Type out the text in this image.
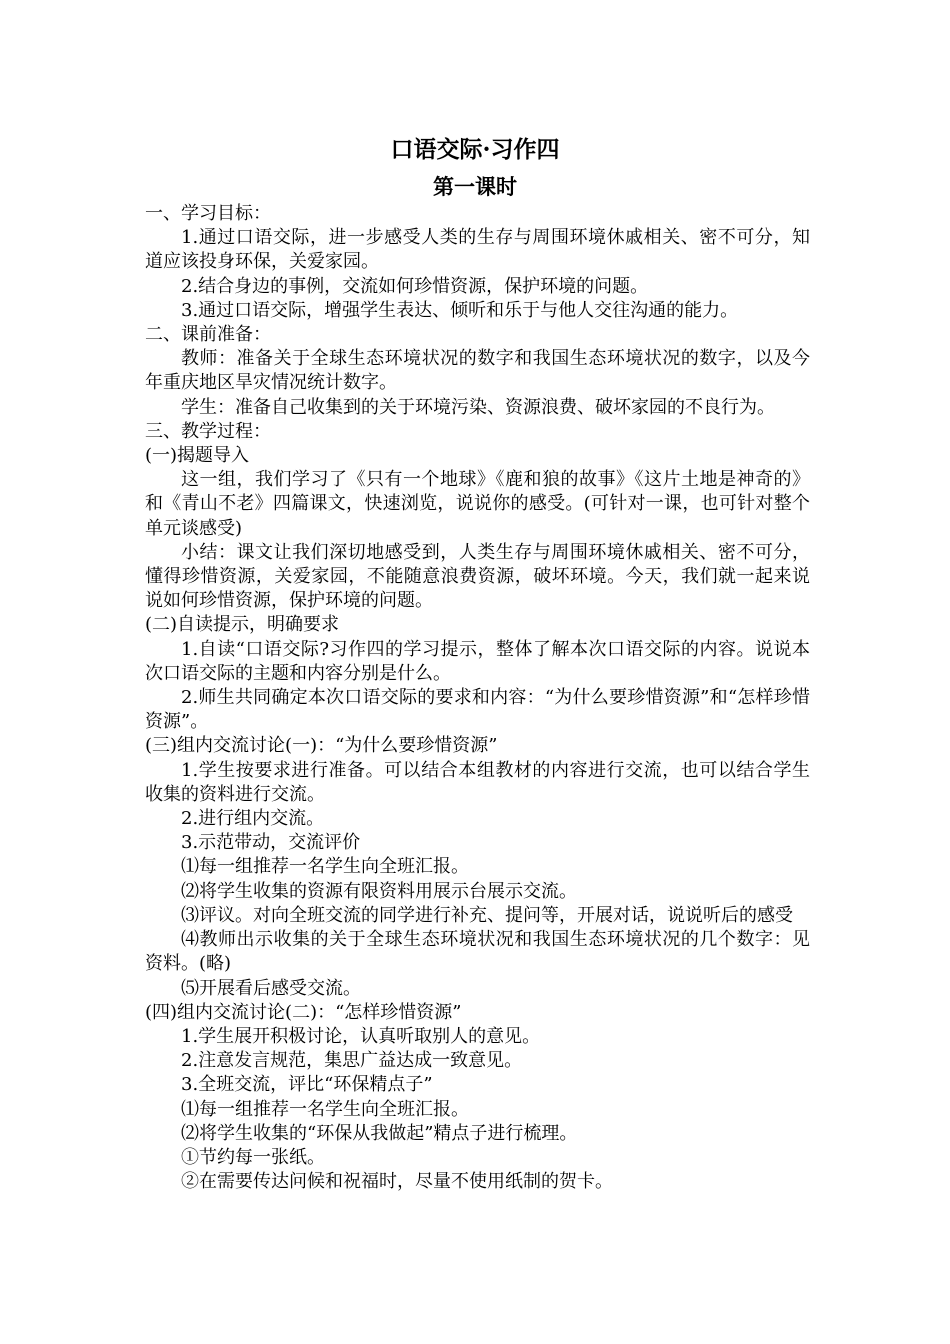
口语交际·习作四
第一课时

一、学习目标：

1.通过口语交际，进一步感受人类的生存与周围环境休戚相关、密不可分，知道应该投身环保，关爱家园。

2.结合身边的事例，交流如何珍惜资源，保护环境的问题。

3.通过口语交际，增强学生表达、倾听和乐于与他人交往沟通的能力。

二、课前准备：

教师：准备关于全球生态环境状况的数字和我国生态环境状况的数字，以及今年重庆地区旱灾情况统计数字。

学生：准备自己收集到的关于环境污染、资源浪费、破坏家园的不良行为。

三、教学过程：

(一)揭题导入

这一组，我们学习了《只有一个地球》《鹿和狼的故事》《这片土地是神奇的》和《青山不老》四篇课文，快速浏览，说说你的感受。(可针对一课，也可针对整个单元谈感受)

小结：课文让我们深切地感受到，人类生存与周围环境休戚相关、密不可分，懂得珍惜资源，关爱家园，不能随意浪费资源，破坏环境。今天，我们就一起来说说如何珍惜资源，保护环境的问题。

(二)自读提示，明确要求

1.自读“口语交际?习作四的学习提示，整体了解本次口语交际的内容。说说本次口语交际的主题和内容分别是什么。

2.师生共同确定本次口语交际的要求和内容：“为什么要珍惜资源”和“怎样珍惜资源”。

(三)组内交流讨论(一)：“为什么要珍惜资源”

1.学生按要求进行准备。可以结合本组教材的内容进行交流，也可以结合学生收集的资料进行交流。

2.进行组内交流。

3.示范带动，交流评价

⑴每一组推荐一名学生向全班汇报。

⑵将学生收集的资源有限资料用展示台展示交流。

⑶评议。对向全班交流的同学进行补充、提问等，开展对话，说说听后的感受

⑷教师出示收集的关于全球生态环境状况和我国生态环境状况的几个数字：见资料。(略)

⑸开展看后感受交流。

(四)组内交流讨论(二)：“怎样珍惜资源”

1.学生展开积极讨论，认真听取别人的意见。

2.注意发言规范，集思广益达成一致意见。

3.全班交流，评比“环保精点子”

⑴每一组推荐一名学生向全班汇报。

⑵将学生收集的“环保从我做起”精点子进行梳理。

①节约每一张纸。

②在需要传达问候和祝福时，尽量不使用纸制的贺卡。
